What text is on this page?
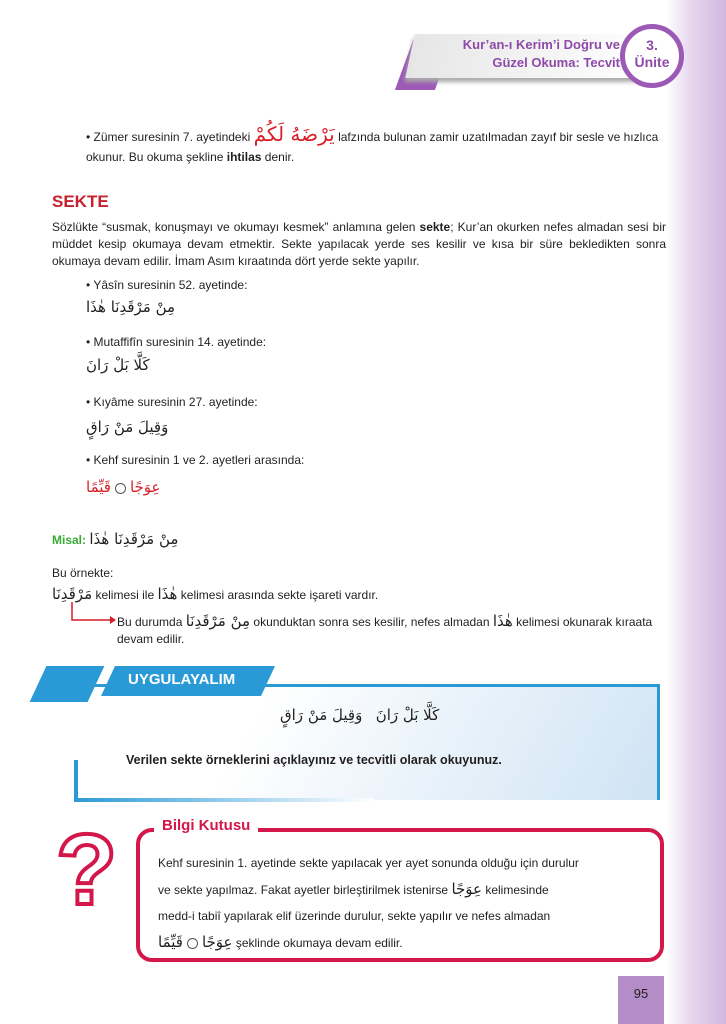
Kur’an-ı Kerim’i Doğru ve
Güzel Okuma: Tecvit
3.
Ünite
• Zümer suresinin 7. ayetindeki يَرْضَهُ لَكُمْ lafzında bulunan zamir uzatılmadan zayıf bir sesle ve hızlıca
okunur. Bu okuma şekline ihtilas denir.
SEKTE
Sözlükte “susmak, konuşmayı ve okumayı kesmek” anlamına gelen sekte; Kur’an okurken nefes almadan sesi bir müddet kesip okumaya devam etmektir. Sekte yapılacak yerde ses kesilir ve kısa bir süre bekledikten sonra okumaya devam edilir. İmam Asım kıraatında dört yerde sekte yapılır.
• Yâsîn suresinin 52. ayetinde:
مِنْ مَرْقَدِنَا هٰذَا
• Mutaffifîn suresinin 14. ayetinde:
كَلَّا بَلْ رَانَ
• Kıyâme suresinin 27. ayetinde:
وَقِيلَ مَنْ رَاقٍ
• Kehf suresinin 1 ve 2. ayetleri arasında:
عِوَجًاقَيِّمًا
Misal: مِنْ مَرْقَدِنَا هٰذَا
Bu örnekte:
مَرْقَدِنَا kelimesi ile هٰذَا kelimesi arasında sekte işareti vardır.
Bu durumda مِنْ مَرْقَدِنَا okunduktan sonra ses kesilir, nefes almadan هٰذَا kelimesi okunarak kıraata
devam edilir.
UYGULAYALIM
كَلَّا بَلْ رَانَ    وَقِيلَ مَنْ رَاقٍ
Verilen sekte örneklerini açıklayınız ve tecvitli olarak okuyunuz.
?	Bilgi Kutusu
Kehf suresinin 1. ayetinde sekte yapılacak yer ayet sonunda olduğu için durulur
ve sekte yapılmaz. Fakat ayetler birleştirilmek istenirse عِوَجًا kelimesinde
medd-i tabiî yapılarak elif üzerinde durulur, sekte yapılır ve nefes almadan
عِوَجًاقَيِّمًا	şeklinde okumaya devam edilir.
95
